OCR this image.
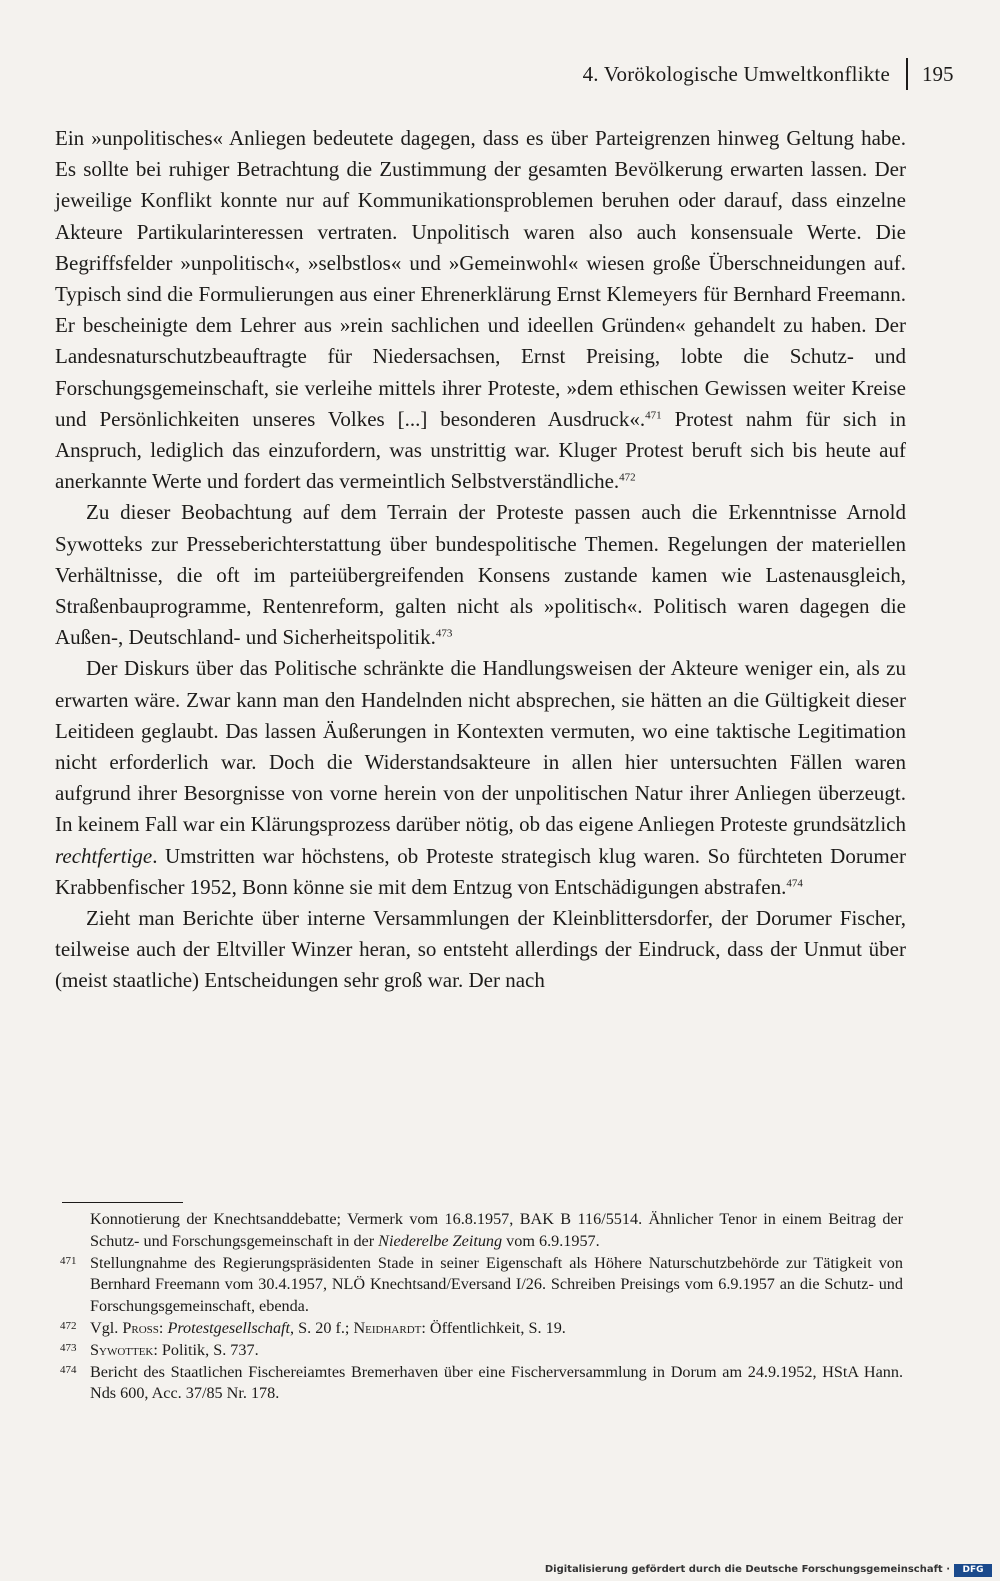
4. Vorökologische Umweltkonflikte 195

Ein »unpolitisches« Anliegen bedeutete dagegen, dass es über Parteigrenzen hinweg Geltung habe. Es sollte bei ruhiger Betrachtung die Zustimmung der gesamten Bevölkerung erwarten lassen. Der jeweilige Konflikt konnte nur auf Kommunikationsproblemen beruhen oder darauf, dass einzelne Akteure Partikularinteressen vertraten. Unpolitisch waren also auch konsensuale Werte. Die Begriffsfelder »unpolitisch«, »selbstlos« und »Gemeinwohl« wiesen große Überschneidungen auf. Typisch sind die Formulierungen aus einer Ehrenerklärung Ernst Klemeyers für Bernhard Freemann. Er bescheinigte dem Lehrer aus »rein sachlichen und ideellen Gründen« gehandelt zu haben. Der Landesnaturschutzbeauftragte für Niedersachsen, Ernst Preising, lobte die Schutz- und Forschungsgemeinschaft, sie verleihe mittels ihrer Proteste, »dem ethischen Gewissen weiter Kreise und Persönlichkeiten unseres Volkes [...] besonderen Ausdruck«.$^{471}$ Protest nahm für sich in Anspruch, lediglich das einzufordern, was unstrittig war. Kluger Protest beruft sich bis heute auf anerkannte Werte und fordert das vermeintlich Selbstverständliche.$^{472}$

Zu dieser Beobachtung auf dem Terrain der Proteste passen auch die Erkenntnisse Arnold Sywotteks zur Presseberichterstattung über bundespolitische Themen. Regelungen der materiellen Verhältnisse, die oft im parteiübergreifenden Konsens zustande kamen wie Lastenausgleich, Straßenbauprogramme, Rentenreform, galten nicht als »politisch«. Politisch waren dagegen die Außen-, Deutschland- und Sicherheitspolitik.$^{473}$

Der Diskurs über das Politische schränkte die Handlungsweisen der Akteure weniger ein, als zu erwarten wäre. Zwar kann man den Handelnden nicht absprechen, sie hätten an die Gültigkeit dieser Leitideen geglaubt. Das lassen Äußerungen in Kontexten vermuten, wo eine taktische Legitimation nicht erforderlich war. Doch die Widerstandsakteure in allen hier untersuchten Fällen waren aufgrund ihrer Besorgnisse von vorne herein von der unpolitischen Natur ihrer Anliegen überzeugt. In keinem Fall war ein Klärungsprozess darüber nötig, ob das eigene Anliegen Proteste grundsätzlich rechtfertige. Umstritten war höchstens, ob Proteste strategisch klug waren. So fürchteten Dorumer Krabbenfischer 1952, Bonn könne sie mit dem Entzug von Entschädigungen abstrafen.$^{474}$

Zieht man Berichte über interne Versammlungen der Kleinblittersdorfer, der Dorumer Fischer, teilweise auch der Eltviller Winzer heran, so entsteht allerdings der Eindruck, dass der Unmut über (meist staatliche) Entscheidungen sehr groß war. Der nach

Konnotierung der Knechtsanddebatte; Vermerk vom 16.8.1957, BAK B 116/5514. Ähnlicher Tenor in einem Beitrag der Schutz- und Forschungsgemeinschaft in der Niederelbe Zeitung vom 6.9.1957.

471 Stellungnahme des Regierungspräsidenten Stade in seiner Eigenschaft als Höhere Naturschutzbehörde zur Tätigkeit von Bernhard Freemann vom 30.4.1957, NLÖ Knechtsand/Eversand I/26. Schreiben Preisings vom 6.9.1957 an die Schutz- und Forschungsgemeinschaft, ebenda.

472 Vgl. Pross: Protestgesellschaft, S. 20 f.; Neidhardt: Öffentlichkeit, S. 19.

473 Sywottek: Politik, S. 737.

474 Bericht des Staatlichen Fischereiamtes Bremerhaven über eine Fischerversammlung in Dorum am 24.9.1952, HStA Hann. Nds 600, Acc. 37/85 Nr. 178.

Digitalisierung gefördert durch die Deutsche Forschungsgemeinschaft ·	DFG
